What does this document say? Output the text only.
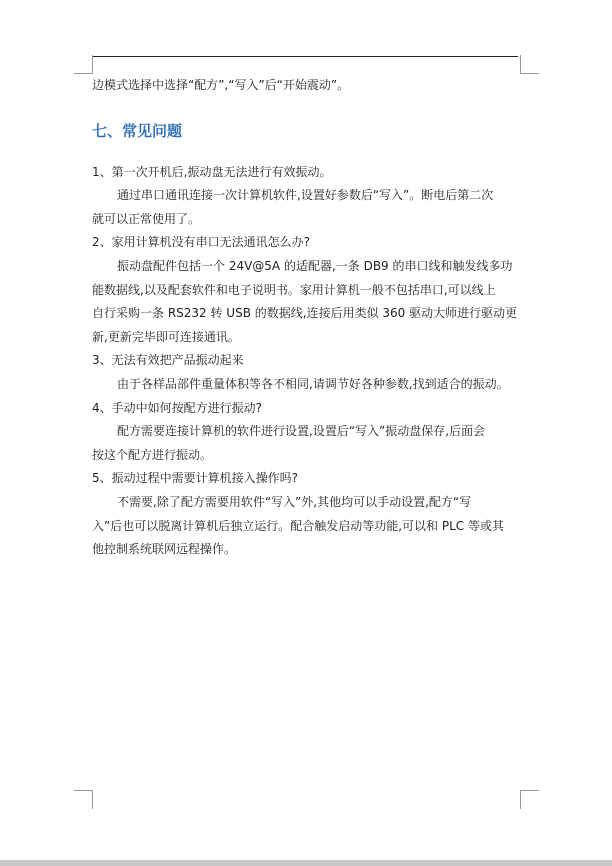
边模式选择中选择“配方”,“写入”后“开始震动”。
七、常见问题
1、第一次开机后,振动盘无法进行有效振动。
通过串口通讯连接一次计算机软件,设置好参数后“写入”。断电后第二次
就可以正常使用了。
2、家用计算机没有串口无法通讯怎么办?
振动盘配件包括一个 24V@5A 的适配器,一条 DB9 的串口线和触发线多功
能数据线,以及配套软件和电子说明书。家用计算机一般不包括串口,可以线上
自行采购一条 RS232 转 USB 的数据线,连接后用类似 360 驱动大师进行驱动更
新,更新完毕即可连接通讯。
3、无法有效把产品振动起来
由于各样品部件重量体积等各不相同,请调节好各种参数,找到适合的振动。
4、手动中如何按配方进行振动?
配方需要连接计算机的软件进行设置,设置后“写入”振动盘保存,后面会
按这个配方进行振动。
5、振动过程中需要计算机接入操作吗?
不需要,除了配方需要用软件“写入”外,其他均可以手动设置,配方“写
入”后也可以脱离计算机后独立运行。配合触发启动等功能,可以和 PLC 等或其
他控制系统联网远程操作。
